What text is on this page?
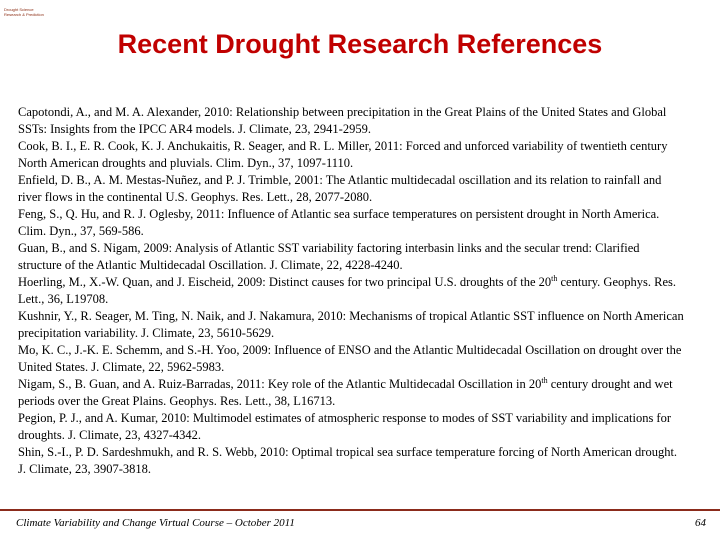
Drought Science
Research & Prediction
Recent Drought Research References
Capotondi, A., and M. A. Alexander, 2010: Relationship between precipitation in the Great Plains of the United States and Global SSTs: Insights from the IPCC AR4 models. J. Climate, 23, 2941-2959.
Cook, B. I., E. R. Cook, K. J. Anchukaitis, R. Seager, and R. L. Miller, 2011: Forced and unforced variability of twentieth century North American droughts and pluvials. Clim. Dyn., 37, 1097-1110.
Enfield, D. B., A. M. Mestas-Nuñez, and P. J. Trimble, 2001: The Atlantic multidecadal oscillation and its relation to rainfall and river flows in the continental U.S. Geophys. Res. Lett., 28, 2077-2080.
Feng, S., Q. Hu, and R. J. Oglesby, 2011: Influence of Atlantic sea surface temperatures on persistent drought in North America. Clim. Dyn., 37, 569-586.
Guan, B., and S. Nigam, 2009: Analysis of Atlantic SST variability factoring interbasin links and the secular trend: Clarified structure of the Atlantic Multidecadal Oscillation. J. Climate, 22, 4228-4240.
Hoerling, M., X.-W. Quan, and J. Eischeid, 2009: Distinct causes for two principal U.S. droughts of the 20th century. Geophys. Res. Lett., 36, L19708.
Kushnir, Y., R. Seager, M. Ting, N. Naik, and J. Nakamura, 2010: Mechanisms of tropical Atlantic SST influence on North American precipitation variability. J. Climate, 23, 5610-5629.
Mo, K. C., J.-K. E. Schemm, and S.-H. Yoo, 2009: Influence of ENSO and the Atlantic Multidecadal Oscillation on drought over the United States. J. Climate, 22, 5962-5983.
Nigam, S., B. Guan, and A. Ruiz-Barradas, 2011: Key role of the Atlantic Multidecadal Oscillation in 20th century drought and wet periods over the Great Plains. Geophys. Res. Lett., 38, L16713.
Pegion, P. J., and A. Kumar, 2010: Multimodel estimates of atmospheric response to modes of SST variability and implications for droughts. J. Climate, 23, 4327-4342.
Shin, S.-I., P. D. Sardeshmukh, and R. S. Webb, 2010: Optimal tropical sea surface temperature forcing of North American drought. J. Climate, 23, 3907-3818.
Climate Variability and Change Virtual Course – October 2011	64
